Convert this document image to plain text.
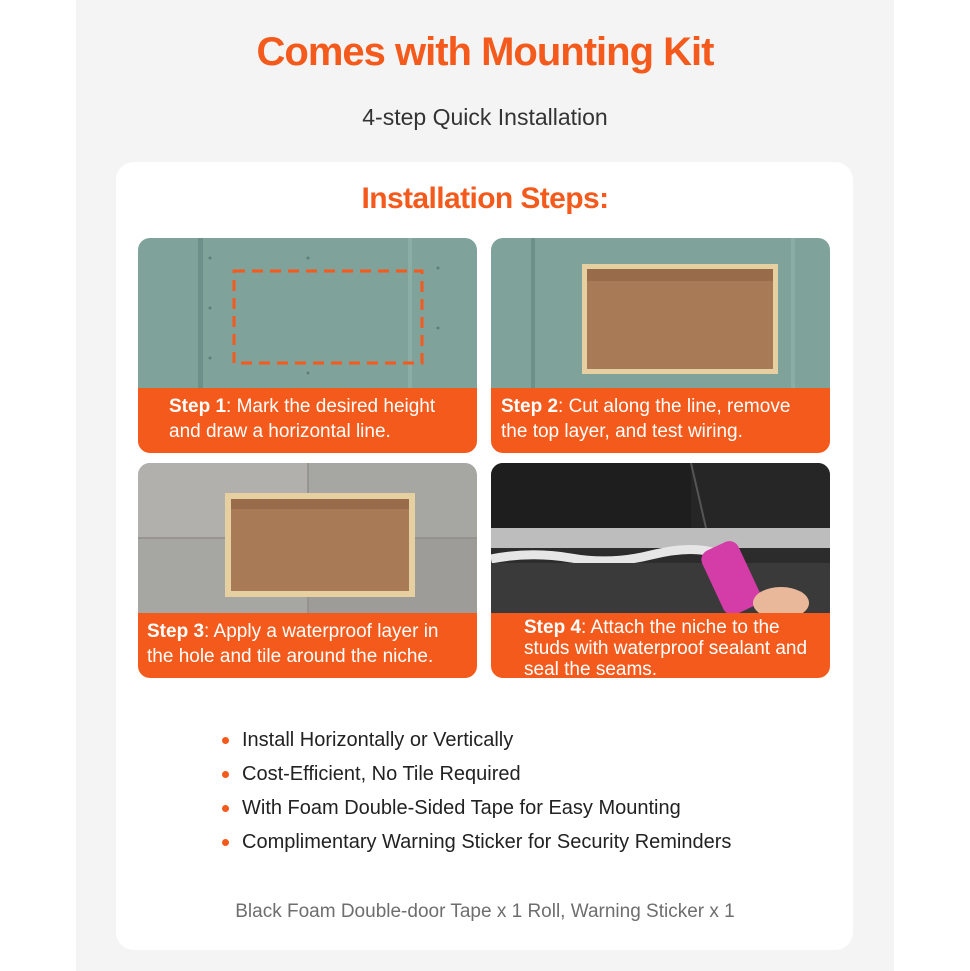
Comes with Mounting Kit
4-step Quick Installation
Installation Steps:
Step 1: Mark the desired height and draw a horizontal line.
Step 2: Cut along the line, remove the top layer, and test wiring.
Step 3: Apply a waterproof layer in the hole and tile around the niche.
Step 4: Attach the niche to the studs with waterproof sealant and seal the seams.
Install Horizontally or Vertically
Cost-Efficient, No Tile Required
With Foam Double-Sided Tape for Easy Mounting
Complimentary Warning Sticker for Security Reminders
Black Foam Double-door Tape x 1 Roll, Warning Sticker x 1
